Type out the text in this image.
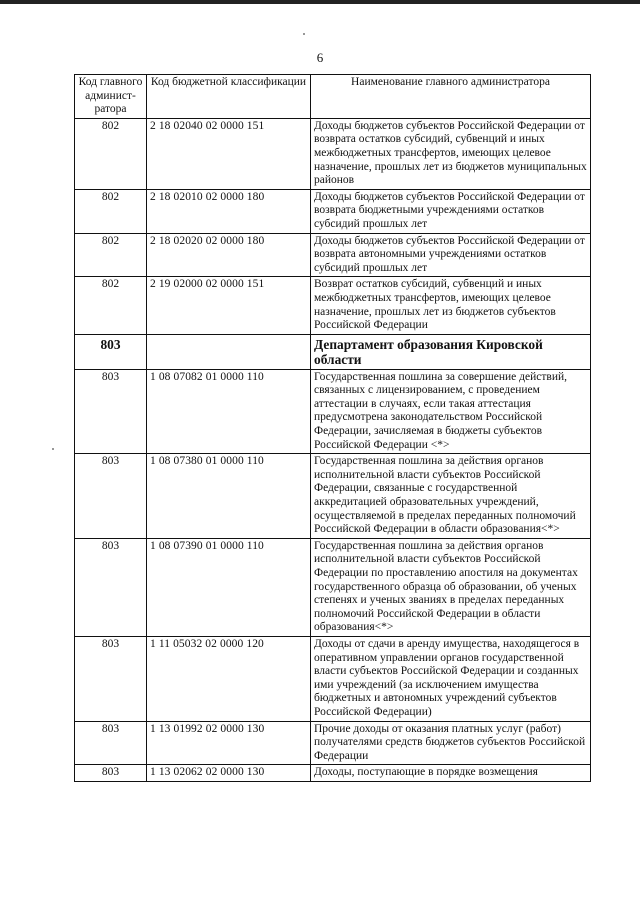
6
Код главного админист-ратора	Код бюджетной классификации	Наименование главного администратора
802	2 18 02040 02 0000 151	Доходы бюджетов субъектов Российской Федерации от возврата остатков субсидий, субвенций и иных межбюджетных трансфертов, имеющих целевое назначение, прошлых лет из бюджетов муниципальных районов
802	2 18 02010 02 0000 180	Доходы бюджетов субъектов Российской Федерации от возврата бюджетными учреждениями остатков субсидий прошлых лет
802	2 18 02020 02 0000 180	Доходы бюджетов субъектов Российской Федерации от возврата автономными учреждениями остатков субсидий прошлых лет
802	2 19 02000 02 0000 151	Возврат остатков субсидий, субвенций и иных межбюджетных трансфертов, имеющих целевое назначение, прошлых лет из бюджетов субъектов Российской Федерации
803		Департамент образования Кировской области
803	1 08 07082 01 0000 110	Государственная пошлина за совершение действий, связанных с лицензированием, с проведением аттестации в случаях, если такая аттестация предусмотрена законодательством Российской Федерации, зачисляемая в бюджеты субъектов Российской Федерации <*>
803	1 08 07380 01 0000 110	Государственная пошлина за действия органов исполнительной власти субъектов Российской Федерации, связанные с государственной аккредитацией образовательных учреждений, осуществляемой в пределах переданных полномочий Российской Федерации в области образования<*>
803	1 08 07390 01 0000 110	Государственная пошлина за действия органов исполнительной власти субъектов Российской Федерации по проставлению апостиля на документах государственного образца об образовании, об ученых степенях и ученых званиях в пределах переданных полномочий Российской Федерации в области образования<*>
803	1 11 05032 02 0000 120	Доходы от сдачи в аренду имущества, находящегося в оперативном управлении органов государственной власти субъектов Российской Федерации и созданных ими учреждений (за исключением имущества бюджетных и автономных учреждений субъектов Российской Федерации)
803	1 13 01992 02 0000 130	Прочие доходы от оказания платных услуг (работ) получателями средств бюджетов субъектов Российской Федерации
803	1 13 02062 02 0000 130	Доходы, поступающие в порядке возмещения
